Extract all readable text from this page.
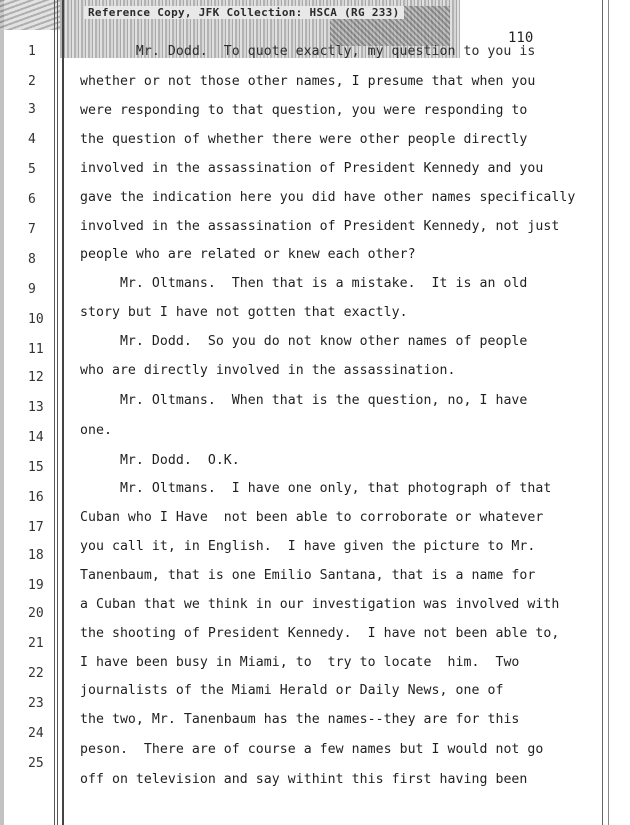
Reference Copy, JFK Collection: HSCA (RG 233)
110
1
2
3
4
5
6
7
8
9
10
11
12
13
14
15
16
17
18
19
20
21
22
23
24
25
Mr. Dodd.  To quote exactly, my question to you is
whether or not those other names, I presume that when you
were responding to that question, you were responding to
the question of whether there were other people directly
involved in the assassination of President Kennedy and you
gave the indication here you did have other names specifically
involved in the assassination of President Kennedy, not just
people who are related or knew each other?
Mr. Oltmans.  Then that is a mistake.  It is an old
story but I have not gotten that exactly.
Mr. Dodd.  So you do not know other names of people
who are directly involved in the assassination.
Mr. Oltmans.  When that is the question, no, I have
one.
Mr. Dodd.  O.K.
Mr. Oltmans.  I have one only, that photograph of that
Cuban who I Have  not been able to corroborate or whatever
you call it, in English.  I have given the picture to Mr.
Tanenbaum, that is one Emilio Santana, that is a name for
a Cuban that we think in our investigation was involved with
the shooting of President Kennedy.  I have not been able to,
I have been busy in Miami, to  try to locate  him.  Two
journalists of the Miami Herald or Daily News, one of
the two, Mr. Tanenbaum has the names--they are for this
peson.  There are of course a few names but I would not go
off on television and say withint this first having been
